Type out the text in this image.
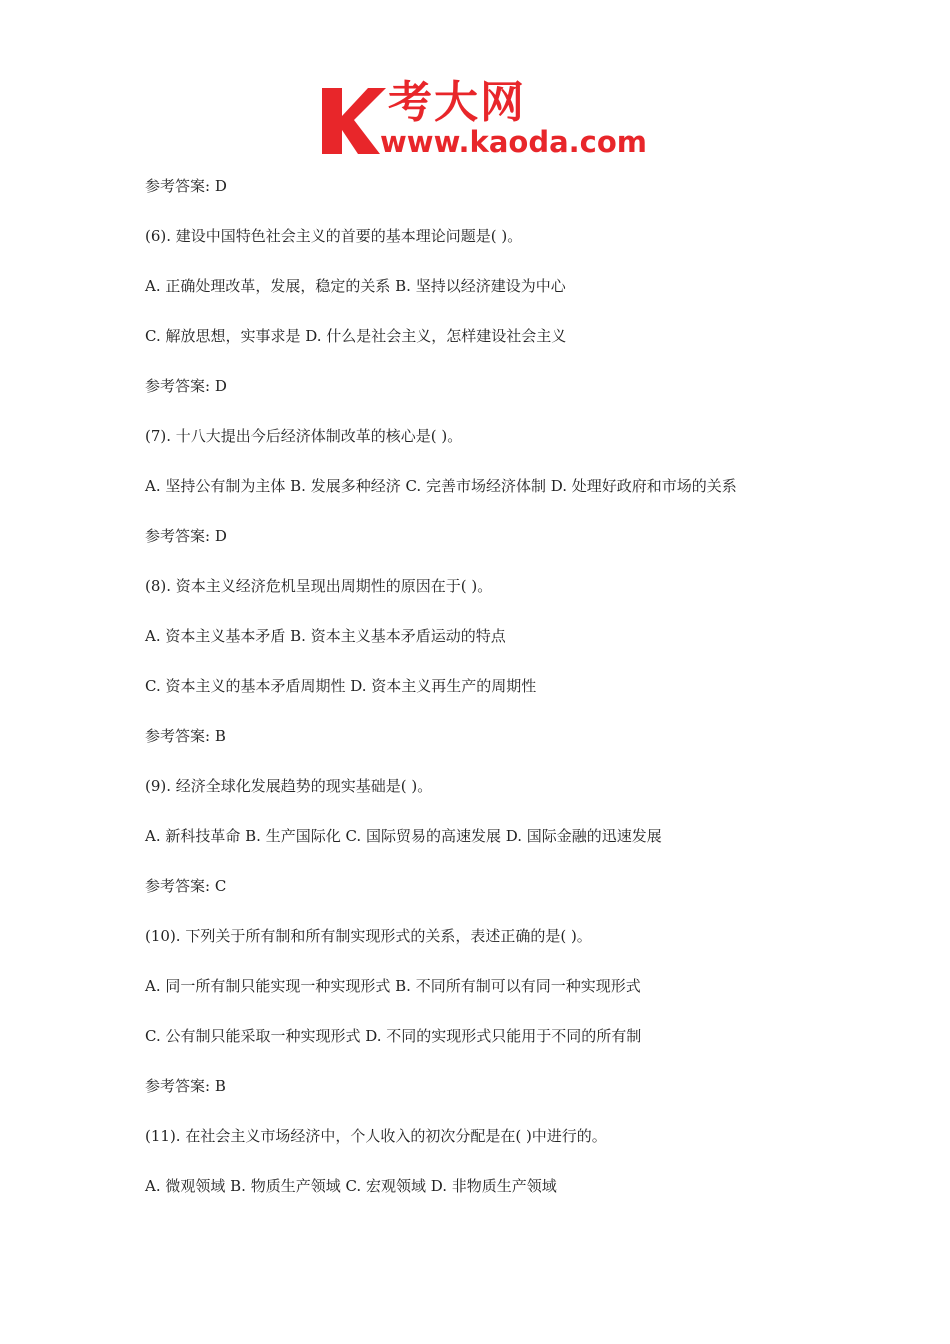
考大网
www.kaoda.com

参考答案: D

(6). 建设中国特色社会主义的首要的基本理论问题是( )。

A. 正确处理改革，发展，稳定的关系 B. 坚持以经济建设为中心

C. 解放思想，实事求是 D. 什么是社会主义，怎样建设社会主义

参考答案: D

(7). 十八大提出今后经济体制改革的核心是( )。

A. 坚持公有制为主体 B. 发展多种经济 C. 完善市场经济体制 D. 处理好政府和市场的关系

参考答案: D

(8). 资本主义经济危机呈现出周期性的原因在于( )。

A. 资本主义基本矛盾 B. 资本主义基本矛盾运动的特点

C. 资本主义的基本矛盾周期性 D. 资本主义再生产的周期性

参考答案: B

(9). 经济全球化发展趋势的现实基础是( )。

A. 新科技革命 B. 生产国际化 C. 国际贸易的高速发展 D. 国际金融的迅速发展

参考答案: C

(10). 下列关于所有制和所有制实现形式的关系，表述正确的是( )。

A. 同一所有制只能实现一种实现形式 B. 不同所有制可以有同一种实现形式

C. 公有制只能采取一种实现形式 D. 不同的实现形式只能用于不同的所有制

参考答案: B

(11). 在社会主义市场经济中，个人收入的初次分配是在( )中进行的。

A. 微观领域 B. 物质生产领域 C. 宏观领域 D. 非物质生产领域
